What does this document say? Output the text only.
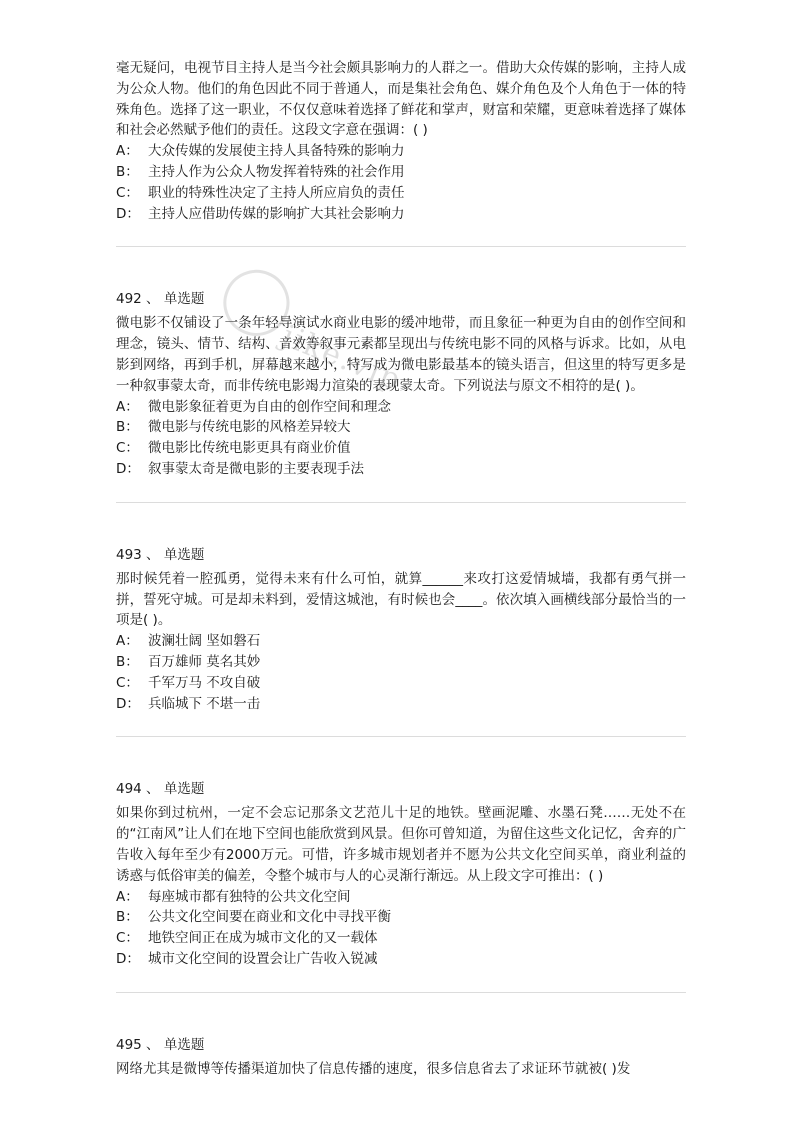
jike.vip
毫无疑问，电视节目主持人是当今社会颇具影响力的人群之一。借助大众传媒的影响，主持人成为公众人物。他们的角色因此不同于普通人，而是集社会角色、媒介角色及个人角色于一体的特殊角色。选择了这一职业，不仅仅意味着选择了鲜花和掌声，财富和荣耀，更意味着选择了媒体和社会必然赋予他们的责任。这段文字意在强调：( )
A： 大众传媒的发展使主持人具备特殊的影响力
B： 主持人作为公众人物发挥着特殊的社会作用
C： 职业的特殊性决定了主持人所应肩负的责任
D： 主持人应借助传媒的影响扩大其社会影响力
492 、 单选题
微电影不仅铺设了一条年轻导演试水商业电影的缓冲地带，而且象征一种更为自由的创作空间和理念，镜头、情节、结构、音效等叙事元素都呈现出与传统电影不同的风格与诉求。比如，从电影到网络，再到手机，屏幕越来越小，特写成为微电影最基本的镜头语言，但这里的特写更多是一种叙事蒙太奇，而非传统电影竭力渲染的表现蒙太奇。下列说法与原文不相符的是( )。
A： 微电影象征着更为自由的创作空间和理念
B： 微电影与传统电影的风格差异较大
C： 微电影比传统电影更具有商业价值
D： 叙事蒙太奇是微电影的主要表现手法
493 、 单选题
那时候凭着一腔孤勇，觉得未来有什么可怕，就算______来攻打这爱情城墙，我都有勇气拼一拼，誓死守城。可是却未料到，爱情这城池，有时候也会____。依次填入画横线部分最恰当的一项是( )。
A： 波澜壮阔 坚如磐石
B： 百万雄师 莫名其妙
C： 千军万马 不攻自破
D： 兵临城下 不堪一击
494 、 单选题
如果你到过杭州，一定不会忘记那条文艺范儿十足的地铁。壁画泥雕、水墨石凳……无处不在的“江南风”让人们在地下空间也能欣赏到风景。但你可曾知道，为留住这些文化记忆，舍弃的广告收入每年至少有2000万元。可惜，许多城市规划者并不愿为公共文化空间买单，商业利益的诱惑与低俗审美的偏差，令整个城市与人的心灵渐行渐远。从上段文字可推出：( )
A： 每座城市都有独特的公共文化空间
B： 公共文化空间要在商业和文化中寻找平衡
C： 地铁空间正在成为城市文化的又一载体
D： 城市文化空间的设置会让广告收入锐减
495 、 单选题
网络尤其是微博等传播渠道加快了信息传播的速度，很多信息省去了求证环节就被( )发
